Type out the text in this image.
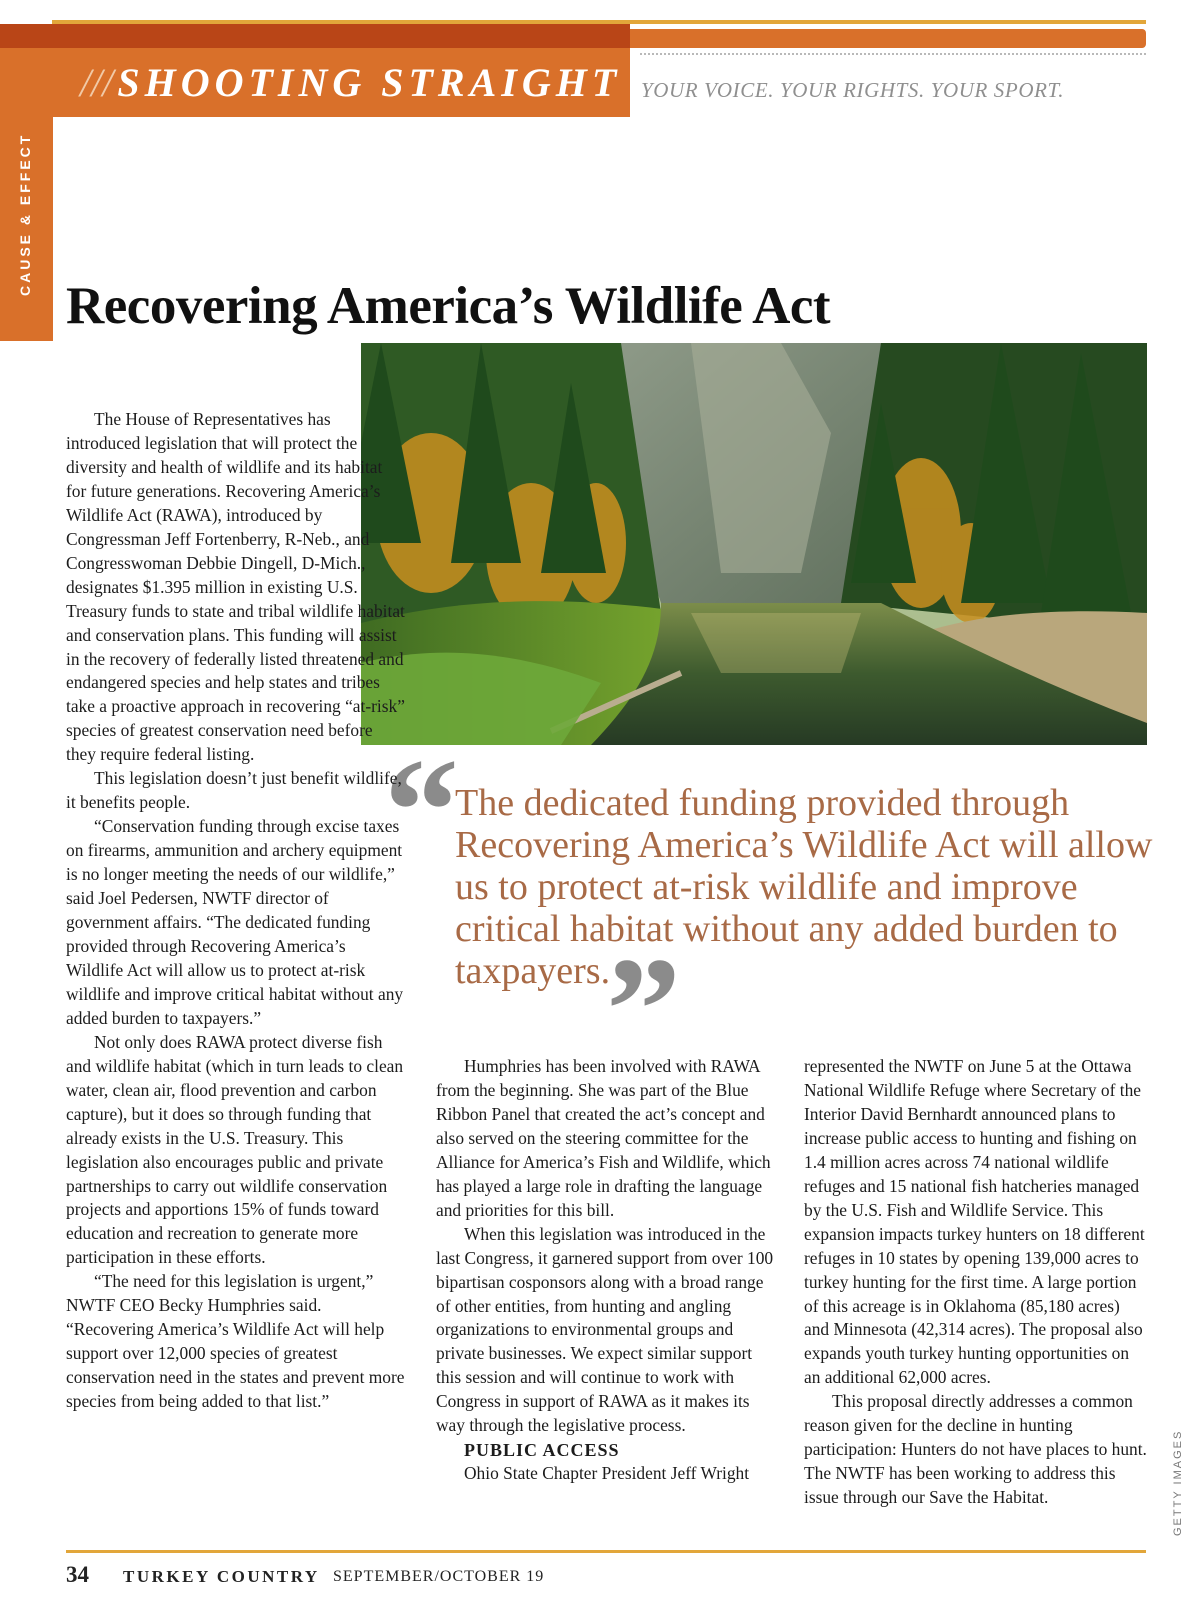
/// SHOOTING STRAIGHT YOUR VOICE. YOUR RIGHTS. YOUR SPORT.
CAUSE & EFFECT
Recovering America’s Wildlife Act
“

The dedicated funding provided through Recovering America’s Wildlife Act will allow us to protect at-risk wildlife and improve critical habitat without any added burden to taxpayers.

”

The House of Representatives has introduced legislation that will protect the diversity and health of wildlife and its habitat for future generations. Recovering America’s Wildlife Act (RAWA), introduced by Congressman Jeff Fortenberry, R-Neb., and Congresswoman Debbie Dingell, D-Mich., designates $1.395 million in existing U.S. Treasury funds to state and tribal wildlife habitat and conservation plans. This funding will assist in the recovery of federally listed threatened and endangered species and help states and tribes take a proactive approach in recovering “at-risk” species of greatest conservation need before they require federal listing.

This legislation doesn’t just benefit wildlife, it benefits people.

“Conservation funding through excise taxes on firearms, ammunition and archery equipment is no longer meeting the needs of our wildlife,” said Joel Pedersen, NWTF director of government affairs. “The dedicated funding provided through Recovering America’s Wildlife Act will allow us to protect at-risk wildlife and improve critical habitat without any added burden to taxpayers.”

Not only does RAWA protect diverse fish and wildlife habitat (which in turn leads to clean water, clean air, flood prevention and carbon capture), but it does so through funding that already exists in the U.S. Treasury. This legislation also encourages public and private partnerships to carry out wildlife conservation projects and apportions 15% of funds toward education and recreation to generate more participation in these efforts.

“The need for this legislation is urgent,” NWTF CEO Becky Humphries said. “Recovering America’s Wildlife Act will help support over 12,000 species of greatest conservation need in the states and prevent more species from being added to that list.”

Humphries has been involved with RAWA from the beginning. She was part of the Blue Ribbon Panel that created the act’s concept and also served on the steering committee for the Alliance for America’s Fish and Wildlife, which has played a large role in drafting the language and priorities for this bill.

When this legislation was introduced in the last Congress, it garnered support from over 100 bipartisan cosponsors along with a broad range of other entities, from hunting and angling organizations to environmental groups and private businesses. We expect similar support this session and will continue to work with Congress in support of RAWA as it makes its way through the legislative process.

PUBLIC ACCESS

Ohio State Chapter President Jeff Wright

represented the NWTF on June 5 at the Ottawa National Wildlife Refuge where Secretary of the Interior David Bernhardt announced plans to increase public access to hunting and fishing on 1.4 million acres across 74 national wildlife refuges and 15 national fish hatcheries managed by the U.S. Fish and Wildlife Service. This expansion impacts turkey hunters on 18 different refuges in 10 states by opening 139,000 acres to turkey hunting for the first time. A large portion of this acreage is in Oklahoma (85,180 acres) and Minnesota (42,314 acres). The proposal also expands youth turkey hunting opportunities on an additional 62,000 acres.

This proposal directly addresses a common reason given for the decline in hunting participation: Hunters do not have places to hunt. The NWTF has been working to address this issue through our Save the Habitat.	GETTY IMAGES
34 TURKEY COUNTRY SEPTEMBER/OCTOBER 19
